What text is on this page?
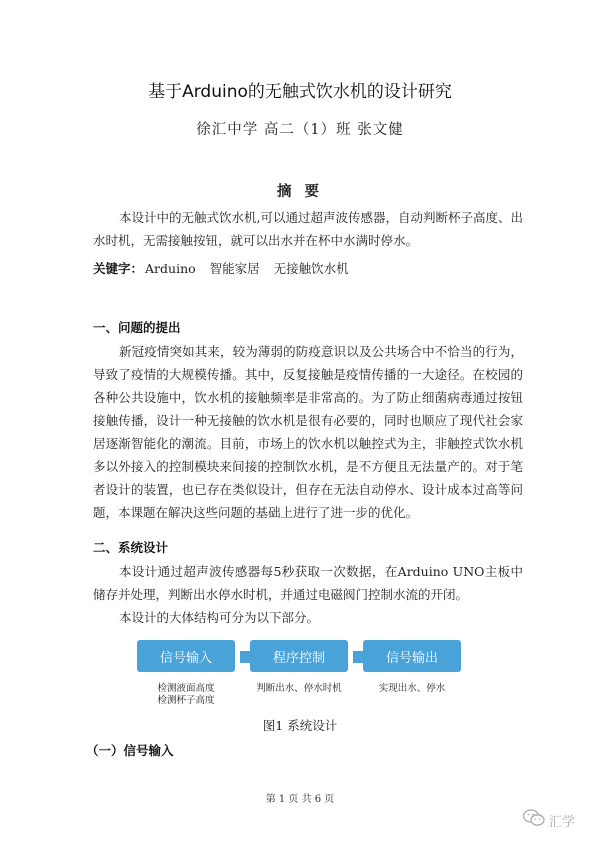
基于Arduino的无触式饮水机的设计研究
徐汇中学 高二（1）班 张文健
摘 要
本设计中的无触式饮水机,可以通过超声波传感器，自动判断杯子高度、出水时机，无需接触按钮，就可以出水并在杯中水满时停水。
关键字： Arduino 智能家居 无接触饮水机
一、问题的提出
新冠疫情突如其来，较为薄弱的防疫意识以及公共场合中不恰当的行为，导致了疫情的大规模传播。其中，反复接触是疫情传播的一大途径。在校园的各种公共设施中，饮水机的接触频率是非常高的。为了防止细菌病毒通过按钮接触传播，设计一种无接触的饮水机是很有必要的，同时也顺应了现代社会家居逐渐智能化的潮流。目前，市场上的饮水机以触控式为主，非触控式饮水机多以外接入的控制模块来间接的控制饮水机，是不方便且无法量产的。对于笔者设计的装置，也已存在类似设计，但存在无法自动停水、设计成本过高等问题，本课题在解决这些问题的基础上进行了进一步的优化。
二、系统设计
本设计通过超声波传感器每5秒获取一次数据，在Arduino UNO主板中储存并处理，判断出水停水时机，并通过电磁阀门控制水流的开闭。
本设计的大体结构可分为以下部分。
信号输入	程序控制	信号输出
检测液面高度
检测杯子高度
判断出水、停水时机	实现出水、停水
图1 系统设计
（一）信号输入
第 1 页 共 6 页
汇学
